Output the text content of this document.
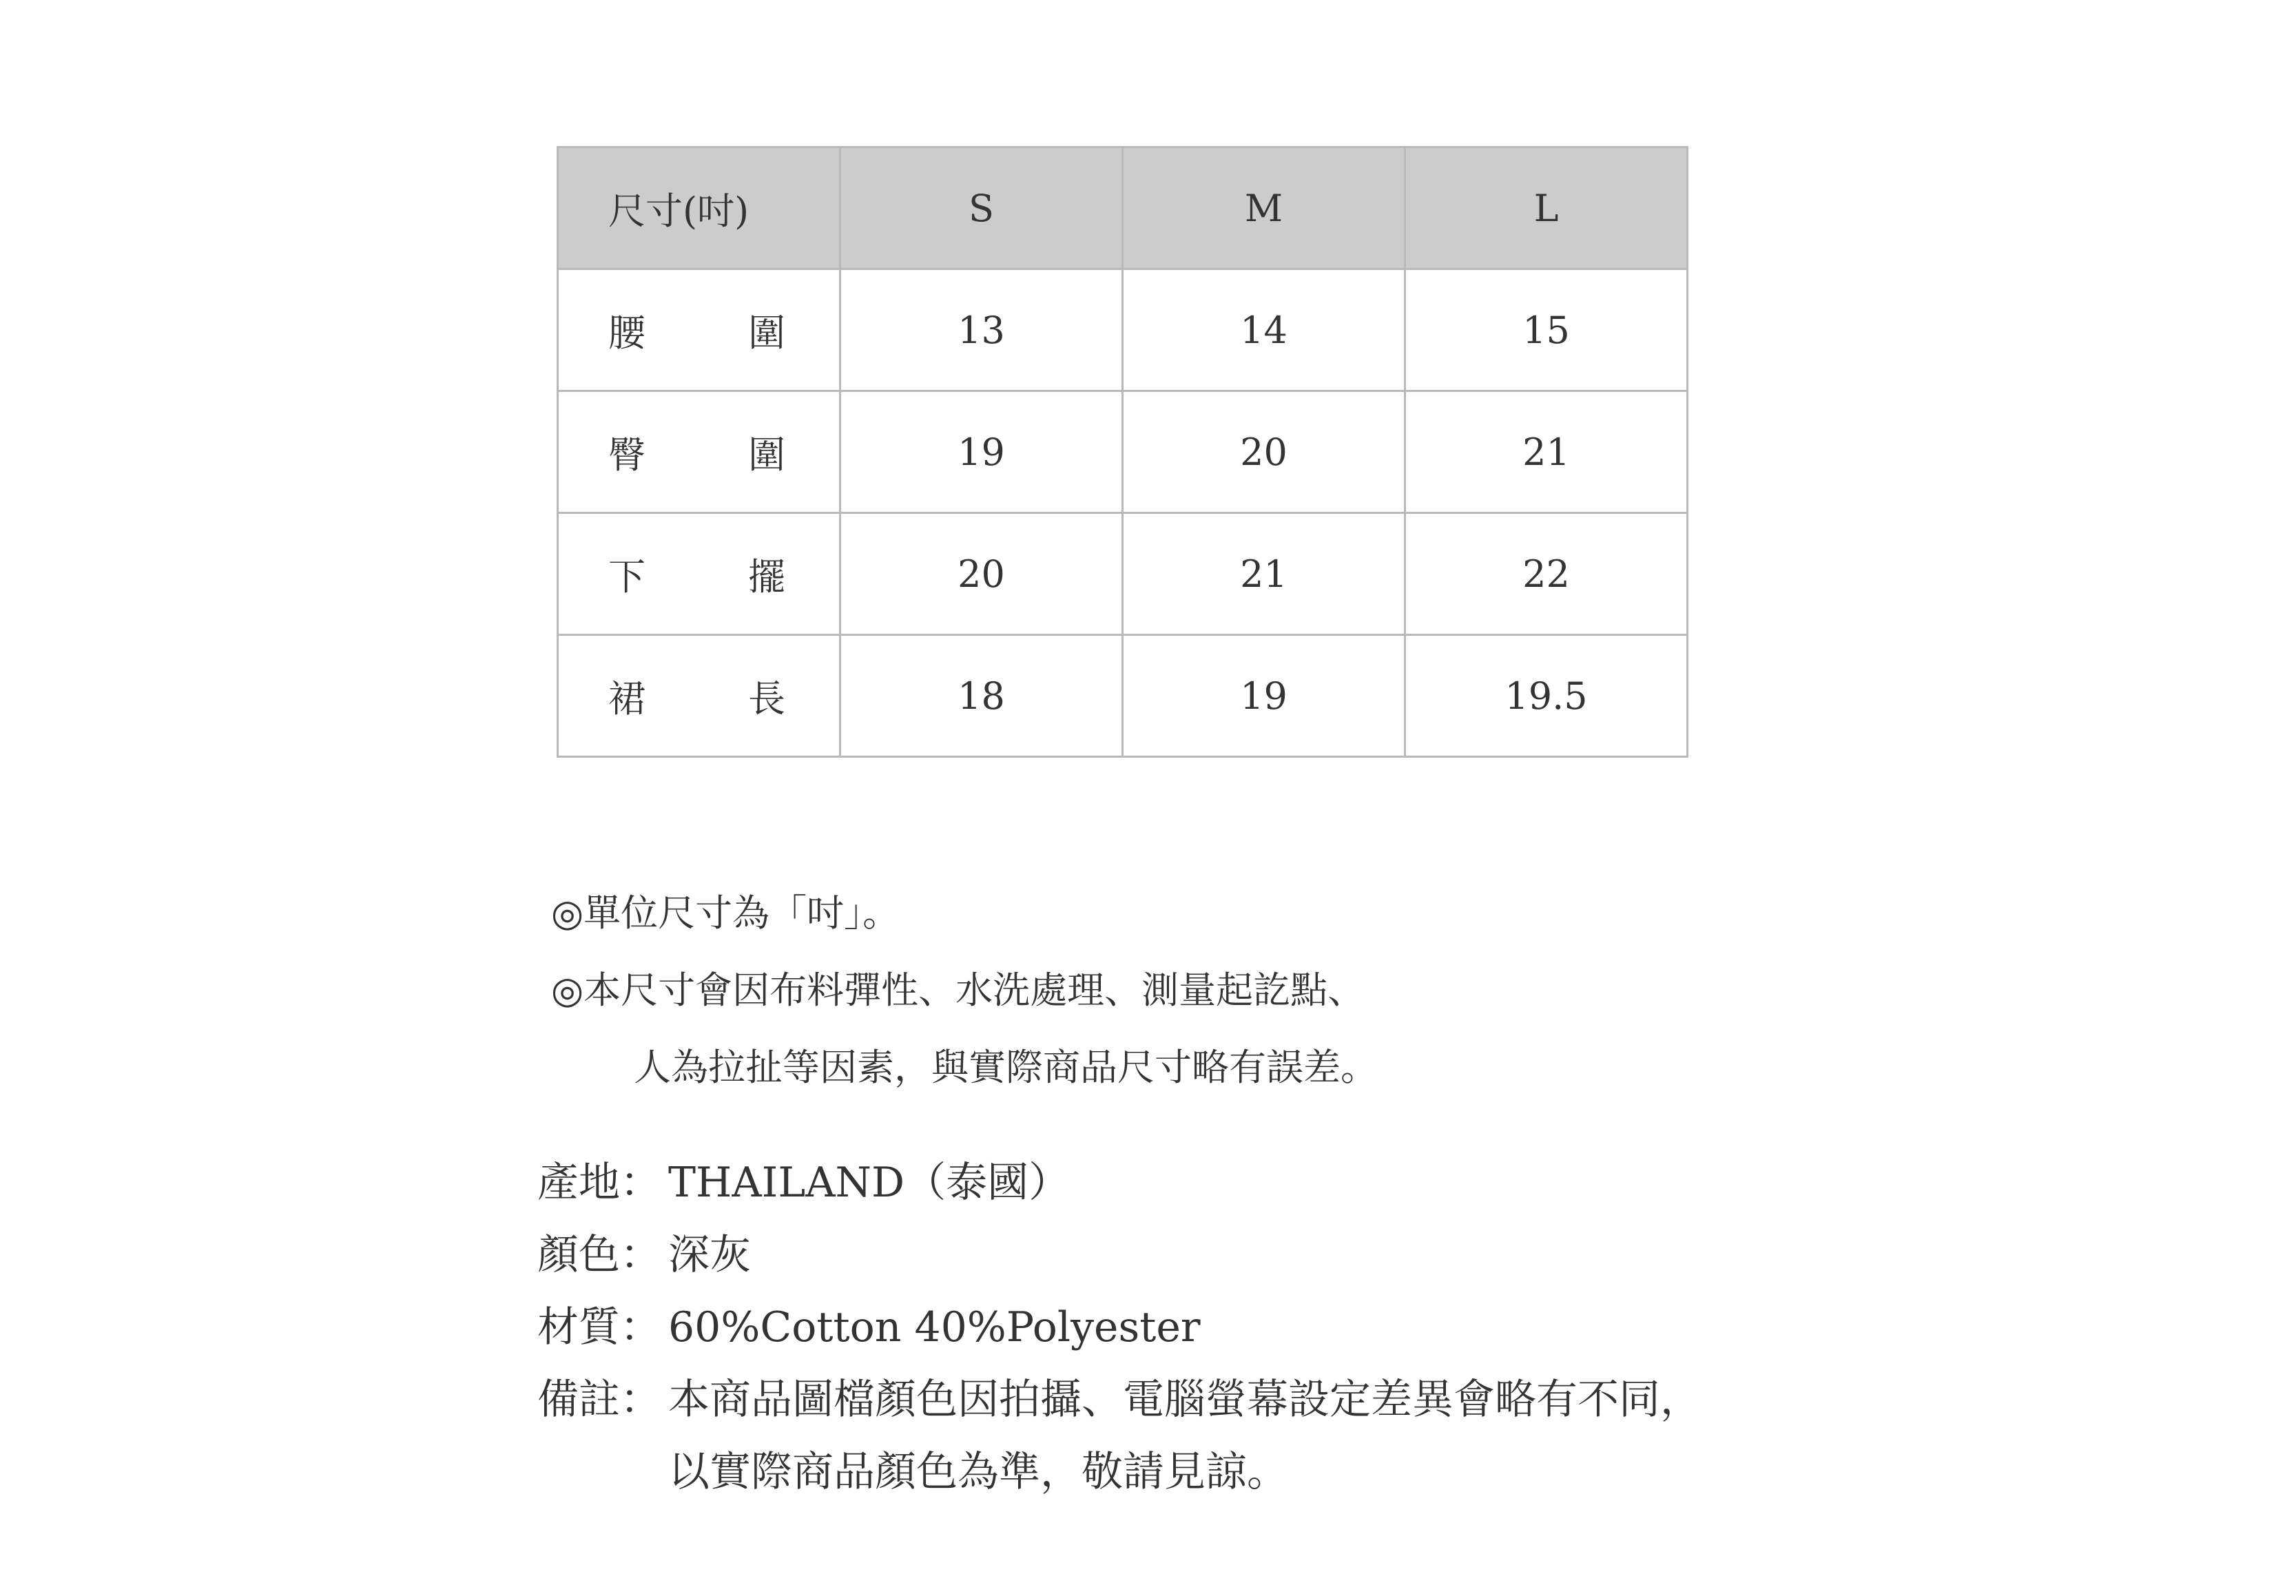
尺寸(吋)	S	M	L

腰 圍	13	14	15

臀 圍	19	20	21

下 擺	20	21	22

裙 長	18	19	19.5
◎單位尺寸為「吋」。
◎本尺寸會因布料彈性、水洗處理、測量起訖點、
人為拉扯等因素，與實際商品尺寸略有誤差。
產地： THAILAND（泰國）
顏色： 深灰
材質： 60%Cotton 40%Polyester
備註： 本商品圖檔顏色因拍攝、電腦螢幕設定差異會略有不同，
以實際商品顏色為準，敬請見諒。
